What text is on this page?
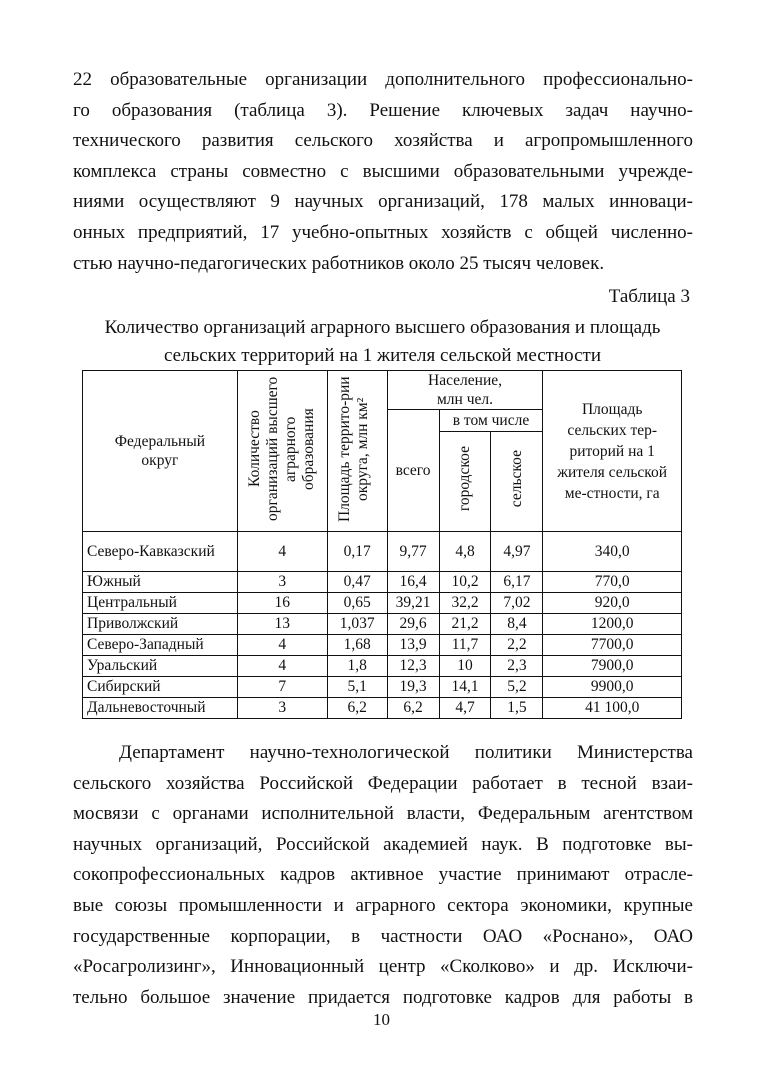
22 образовательные организации дополнительного профессионально-
го образования (таблица 3). Решение ключевых задач научно-
технического развития сельского хозяйства и агропромышленного
комплекса страны совместно с высшими образовательными учрежде-
ниями осуществляют 9 научных организаций, 178 малых инноваци-
онных предприятий, 17 учебно-опытных хозяйств с общей численно-
стью научно-педагогических работников около 25 тысяч человек.
Таблица 3
Количество организаций аграрного высшего образования и площадь
сельских территорий на 1 жителя сельской местности
Федеральный округ	Количество организаций высшего аграрного образования	Площадь террито-рии округа, млн км²	Население, млн чел.			Площадь сельских тер-риторий на 1 жителя сельской ме-стности, га
			всего	в том числе		
				городское	сельское	
Северо-Кавказский	4	0,17	9,77	4,8	4,97	340,0
Южный	3	0,47	16,4	10,2	6,17	770,0
Центральный	16	0,65	39,21	32,2	7,02	920,0
Приволжский	13	1,037	29,6	21,2	8,4	1200,0
Северо-Западный	4	1,68	13,9	11,7	2,2	7700,0
Уральский	4	1,8	12,3	10	2,3	7900,0
Сибирский	7	5,1	19,3	14,1	5,2	9900,0
Дальневосточный	3	6,2	6,2	4,7	1,5	41 100,0
Департамент научно-технологической политики Министерства
сельского хозяйства Российской Федерации работает в тесной взаи-
мосвязи с органами исполнительной власти, Федеральным агентством
научных организаций, Российской академией наук. В подготовке вы-
сокопрофессиональных кадров активное участие принимают отрасле-
вые союзы промышленности и аграрного сектора экономики, крупные
государственные корпорации, в частности ОАО «Роснано», ОАО
«Росагролизинг», Инновационный центр «Сколково» и др. Исключи-
тельно большое значение придается подготовке кадров для работы в
10
